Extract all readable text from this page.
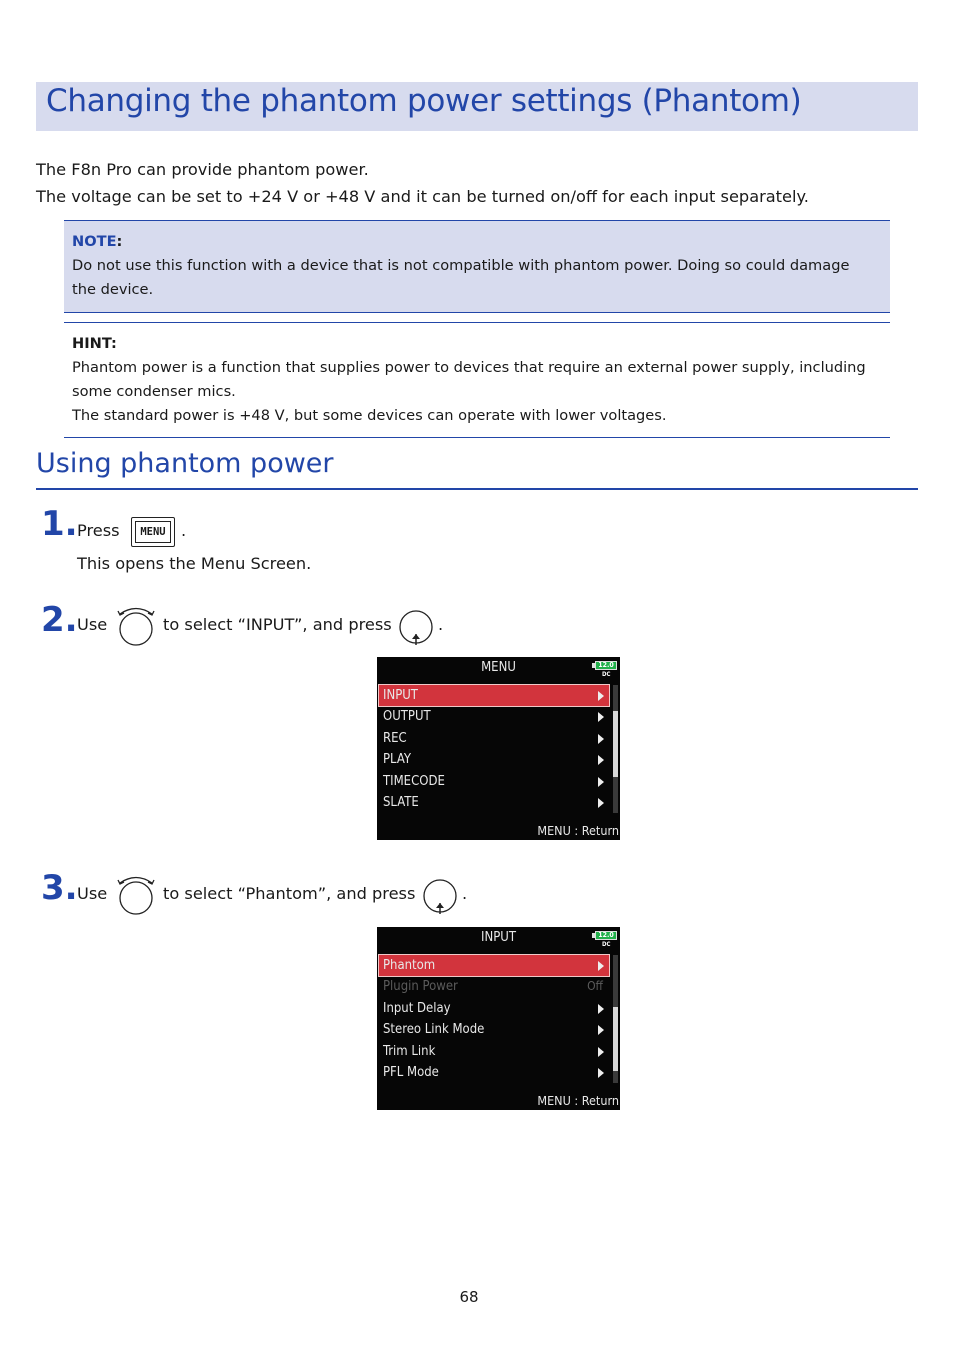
Changing the phantom power settings (Phantom)

The F8n Pro can provide phantom power.

The voltage can be set to +24 V or +48 V and it can be turned on/off for each input separately.

NOTE:

Do not use this function with a device that is not compatible with phantom power. Doing so could damage

the device.

HINT:

Phantom power is a function that supplies power to devices that require an external power supply, including

some condenser mics.

The standard power is +48 V, but some devices can operate with lower voltages.

Using phantom power
1. Press	MENU .
This opens the Menu Screen.
2. Use	to select “INPUT”, and press	.
MENU	12.0
DC
INPUT
OUTPUT
REC
PLAY
TIMECODE
SLATE
MENU : Return
3. Use	to select “Phantom”, and press	.
INPUT	12.0
DC
Phantom
Plugin Power	Off
Input Delay
Stereo Link Mode
Trim Link
PFL Mode
MENU : Return
68
